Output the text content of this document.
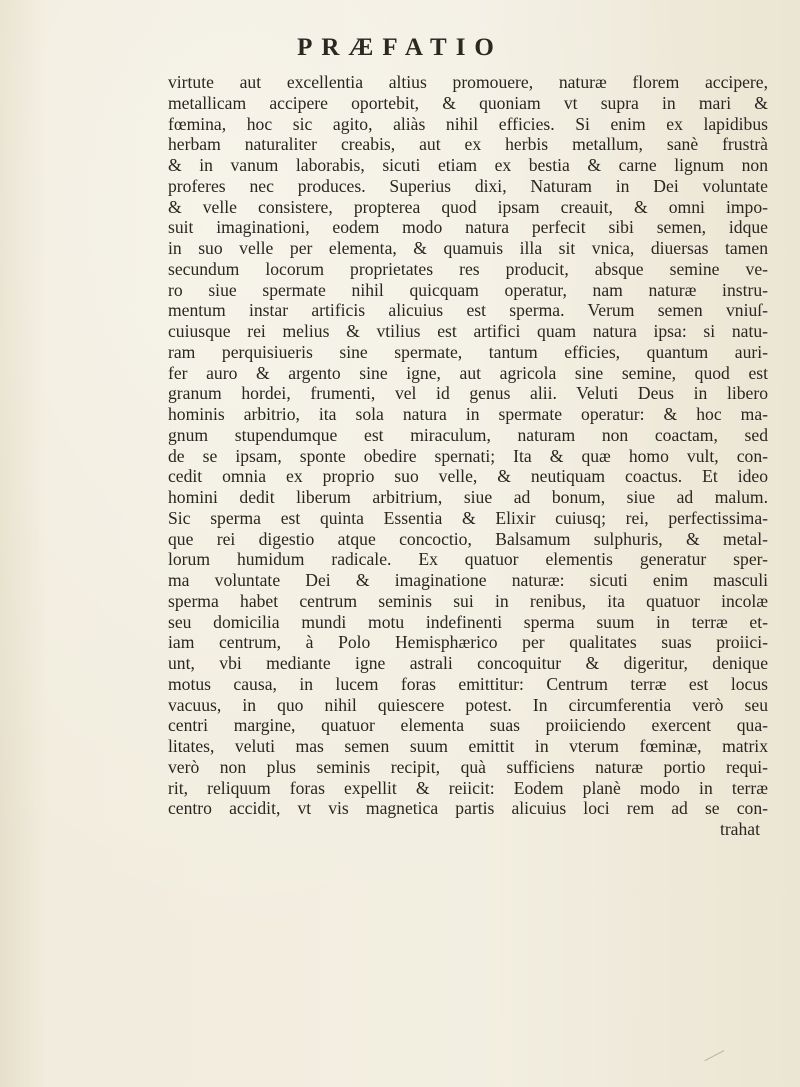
PRÆFATIO
virtute aut excellentia altius promouere, naturæ florem accipere,
metallicam accipere oportebit, & quoniam vt supra in mari &
fœmina, hoc sic agito, aliàs nihil efficies. Si enim ex lapidibus
herbam naturaliter creabis, aut ex herbis metallum, sanè frustrà
& in vanum laborabis, sicuti etiam ex bestia & carne lignum non
proferes nec produces. Superius dixi, Naturam in Dei voluntate
& velle consistere, propterea quod ipsam creauit, & omni impo-
suit imaginationi, eodem modo natura perfecit sibi semen, idque
in suo velle per elementa, & quamuis illa sit vnica, diuersas tamen
secundum locorum proprietates res producit, absque semine ve-
ro siue spermate nihil quicquam operatur, nam naturæ instru-
mentum instar artificis alicuius est sperma. Verum semen vniuſ-
cuiusque rei melius & vtilius est artifici quam natura ipsa: si natu-
ram perquisiueris sine spermate, tantum efficies, quantum auri-
fer auro & argento sine igne, aut agricola sine semine, quod est
granum hordei, frumenti, vel id genus alii. Veluti Deus in libero
hominis arbitrio, ita sola natura in spermate operatur: & hoc ma-
gnum stupendumque est miraculum, naturam non coactam, sed
de se ipsam, sponte obedire spernati; Ita & quæ homo vult, con-
cedit omnia ex proprio suo velle, & neutiquam coactus. Et ideo
homini dedit liberum arbitrium, siue ad bonum, siue ad malum.
Sic sperma est quinta Essentia & Elixir cuiusq; rei, perfectissima-
que rei digestio atque concoctio, Balsamum sulphuris, & metal-
lorum humidum radicale. Ex quatuor elementis generatur sper-
ma voluntate Dei & imaginatione naturæ: sicuti enim masculi
sperma habet centrum seminis sui in renibus, ita quatuor incolæ
seu domicilia mundi motu indefinenti sperma suum in terræ et-
iam centrum, à Polo Hemisphærico per qualitates suas proiici-
unt, vbi mediante igne astrali concoquitur & digeritur, denique
motus causa, in lucem foras emittitur: Centrum terræ est locus
vacuus, in quo nihil quiescere potest. In circumferentia verò seu
centri margine, quatuor elementa suas proiiciendo exercent qua-
litates, veluti mas semen suum emittit in vterum fœminæ, matrix
verò non plus seminis recipit, quà sufficiens naturæ portio requi-
rit, reliquum foras expellit & reiicit: Eodem planè modo in terræ
centro accidit, vt vis magnetica partis alicuius loci rem ad se con-
trahat
